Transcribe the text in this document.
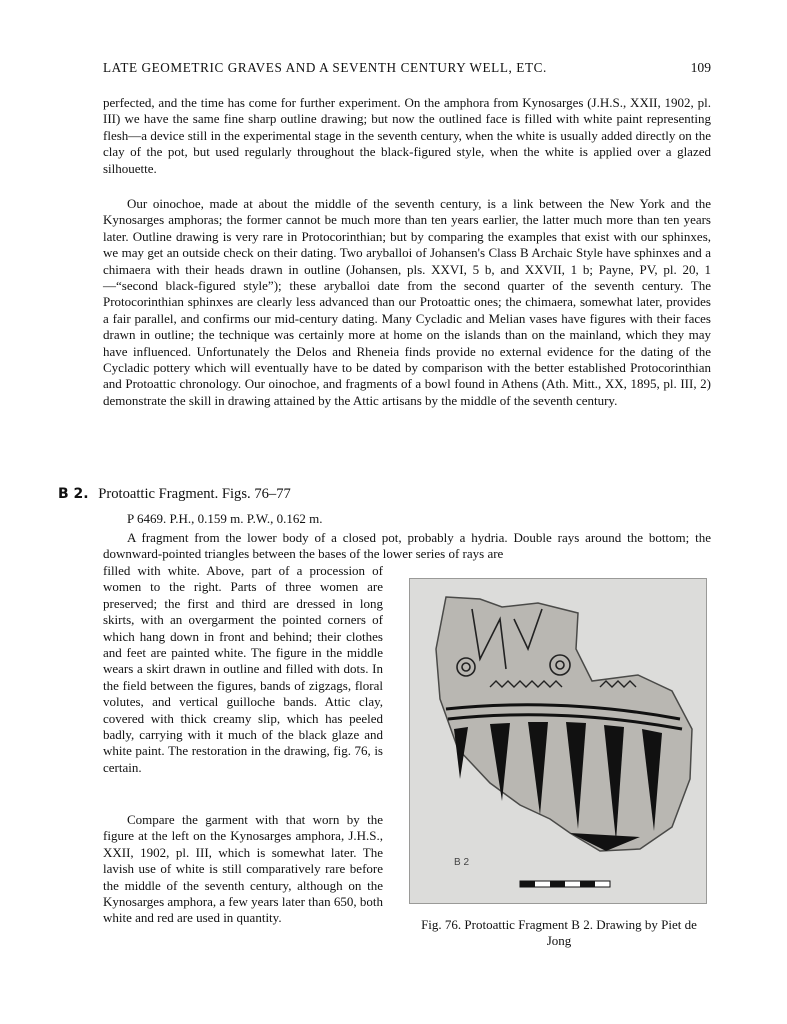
LATE GEOMETRIC GRAVES AND A SEVENTH CENTURY WELL, ETC.	109

perfected, and the time has come for further experiment. On the amphora from Kynosarges (J.H.S., XXII, 1902, pl. III) we have the same fine sharp outline drawing; but now the outlined face is filled with white paint representing flesh—a device still in the experimental stage in the seventh century, when the white is usually added directly on the clay of the pot, but used regularly throughout the black-figured style, when the white is applied over a glazed silhouette.

Our oinochoe, made at about the middle of the seventh century, is a link between the New York and the Kynosarges amphoras; the former cannot be much more than ten years earlier, the latter much more than ten years later. Outline drawing is very rare in Protocorinthian; but by comparing the examples that exist with our sphinxes, we may get an outside check on their dating. Two aryballoi of Johansen's Class B Archaic Style have sphinxes and a chimaera with their heads drawn in outline (Johansen, pls. XXVI, 5 b, and XXVII, 1 b; Payne, PV, pl. 20, 1—“second black-figured style”); these aryballoi date from the second quarter of the seventh century. The Protocorinthian sphinxes are clearly less advanced than our Protoattic ones; the chimaera, somewhat later, provides a fair parallel, and confirms our mid-century dating. Many Cycladic and Melian vases have figures with their faces drawn in outline; the technique was certainly more at home on the islands than on the mainland, which they may have influenced. Unfortunately the Delos and Rheneia finds provide no external evidence for the dating of the Cycladic pottery which will eventually have to be dated by comparison with the better established Protocorinthian and Protoattic chronology. Our oinochoe, and fragments of a bowl found in Athens (Ath. Mitt., XX, 1895, pl. III, 2) demonstrate the skill in drawing attained by the Attic artisans by the middle of the seventh century.

B 2. Protoattic Fragment. Figs. 76–77
P 6469. P.H., 0.159 m. P.W., 0.162 m.

A fragment from the lower body of a closed pot, probably a hydria. Double rays around the bottom; the downward-pointed triangles between the bases of the lower series of rays are

filled with white. Above, part of a procession of women to the right. Parts of three women are preserved; the first and third are dressed in long skirts, with an overgarment the pointed corners of which hang down in front and behind; their clothes and feet are painted white. The figure in the middle wears a skirt drawn in outline and filled with dots. In the field between the figures, bands of zigzags, floral volutes, and vertical guilloche bands. Attic clay, covered with thick creamy slip, which has peeled badly, carrying with it much of the black glaze and white paint. The restoration in the drawing, fig. 76, is certain.

Compare the garment with that worn by the figure at the left on the Kynosarges amphora, J.H.S., XXII, 1902, pl. III, which is somewhat later. The lavish use of white is still comparatively rare before the middle of the seventh century, although on the Kynosarges amphora, a few years later than 650, both white and red are used in quantity.

B 2
Fig. 76. Protoattic Fragment B 2. Drawing by Piet de Jong
